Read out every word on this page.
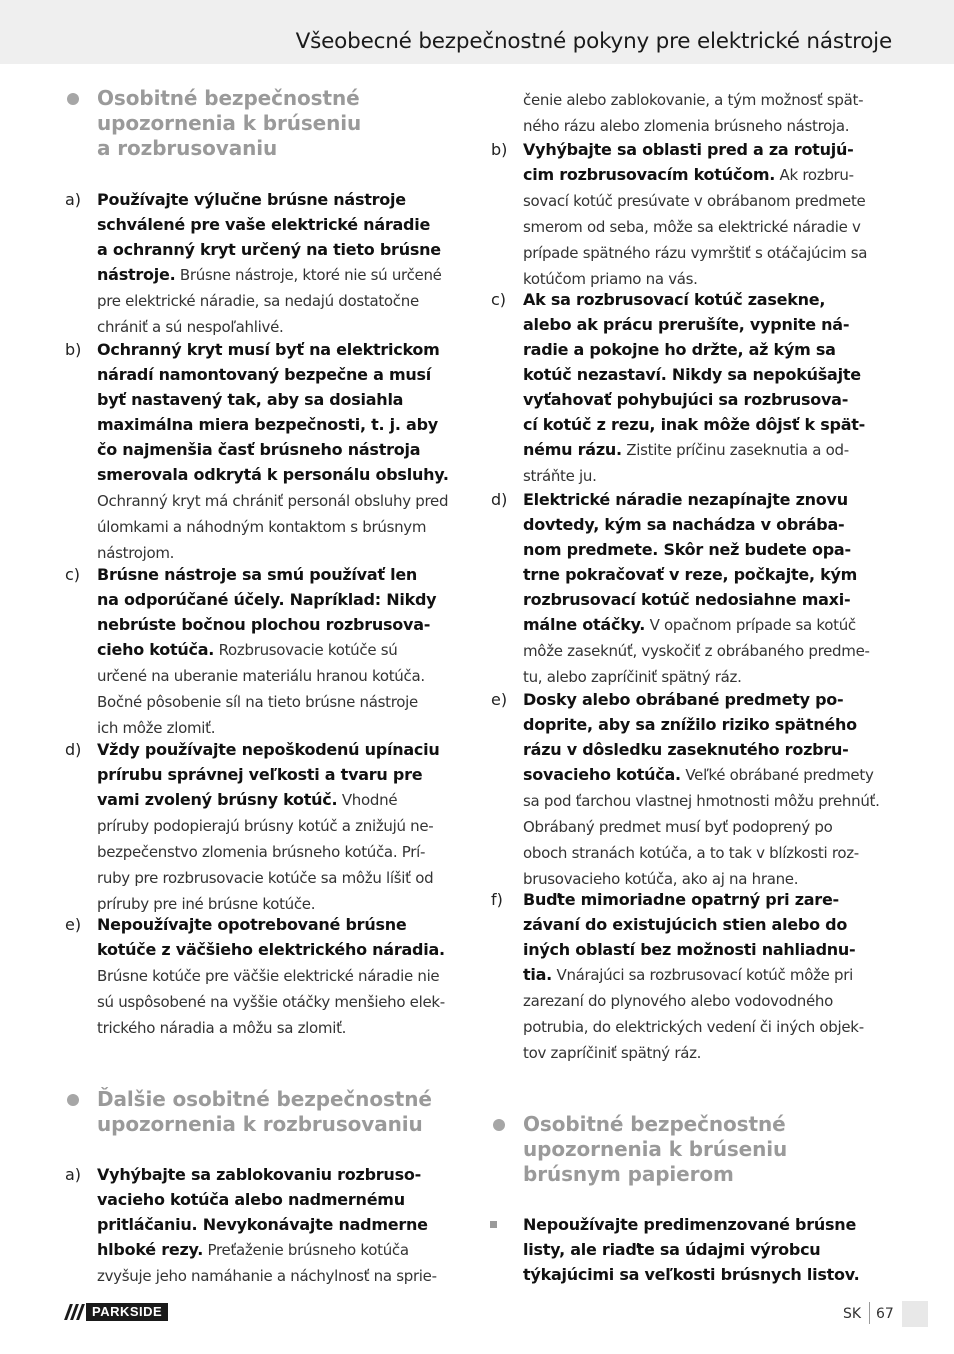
Všeobecné bezpečnostné pokyny pre elektrické nástroje
Osobitné bezpečnostné
upozornenia k brúseniu
a rozbrusovaniu
a) Používajte výlučne brúsne nástroje
schválené pre vaše elektrické náradie
a ochranný kryt určený na tieto brúsne
nástroje. Brúsne nástroje, ktoré nie sú určené
pre elektrické náradie, sa nedajú dostatočne
chrániť a sú nespoľahlivé.
b) Ochranný kryt musí byť na elektrickom
náradí namontovaný bezpečne a musí
byť nastavený tak, aby sa dosiahla
maximálna miera bezpečnosti, t. j. aby
čo najmenšia časť brúsneho nástroja
smerovala odkrytá k personálu obsluhy.
Ochranný kryt má chrániť personál obsluhy pred
úlomkami a náhodným kontaktom s brúsnym
nástrojom.
c) Brúsne nástroje sa smú používať len
na odporúčané účely. Napríklad: Nikdy
nebrúste bočnou plochou rozbrusova-
cieho kotúča. Rozbrusovacie kotúče sú
určené na uberanie materiálu hranou kotúča.
Bočné pôsobenie síl na tieto brúsne nástroje
ich môže zlomiť.
d) Vždy používajte nepoškodenú upínaciu
prírubu správnej veľkosti a tvaru pre
vami zvolený brúsny kotúč. Vhodné
príruby podopierajú brúsny kotúč a znižujú ne-
bezpečenstvo zlomenia brúsneho kotúča. Prí-
ruby pre rozbrusovacie kotúče sa môžu líšiť od
príruby pre iné brúsne kotúče.
e) Nepoužívajte opotrebované brúsne
kotúče z väčšieho elektrického náradia.
Brúsne kotúče pre väčšie elektrické náradie nie
sú uspôsobené na vyššie otáčky menšieho elek-
trického náradia a môžu sa zlomiť.
Ďalšie osobitné bezpečnostné
upozornenia k rozbrusovaniu
a) Vyhýbajte sa zablokovaniu rozbruso-
vacieho kotúča alebo nadmernému
pritláčaniu. Nevykonávajte nadmerne
hlboké rezy. Preťaženie brúsneho kotúča
zvyšuje jeho namáhanie a náchylnosť na sprie-
čenie alebo zablokovanie, a tým možnosť spät-
ného rázu alebo zlomenia brúsneho nástroja.
b) Vyhýbajte sa oblasti pred a za rotujú-
cim rozbrusovacím kotúčom. Ak rozbru-
sovací kotúč presúvate v obrábanom predmete
smerom od seba, môže sa elektrické náradie v
prípade spätného rázu vymrštiť s otáčajúcim sa
kotúčom priamo na vás.
c) Ak sa rozbrusovací kotúč zasekne,
alebo ak prácu prerušíte, vypnite ná-
radie a pokojne ho držte, až kým sa
kotúč nezastaví. Nikdy sa nepokúšajte
vyťahovať pohybujúci sa rozbrusova-
cí kotúč z rezu, inak môže dôjsť k spät-
nému rázu. Zistite príčinu zaseknutia a od-
stráňte ju.
d) Elektrické náradie nezapínajte znovu
dovtedy, kým sa nachádza v obrába-
nom predmete. Skôr než budete opa-
trne pokračovať v reze, počkajte, kým
rozbrusovací kotúč nedosiahne maxi-
málne otáčky. V opačnom prípade sa kotúč
môže zaseknúť, vyskočiť z obrábaného predme-
tu, alebo zapríčiniť spätný ráz.
e) Dosky alebo obrábané predmety po-
doprite, aby sa znížilo riziko spätného
rázu v dôsledku zaseknutého rozbru-
sovacieho kotúča. Veľké obrábané predmety
sa pod ťarchou vlastnej hmotnosti môžu prehnúť.
Obrábaný predmet musí byť podoprený po
oboch stranách kotúča, a to tak v blízkosti roz-
brusovacieho kotúča, ako aj na hrane.
f) Buďte mimoriadne opatrný pri zare-
závaní do existujúcich stien alebo do
iných oblastí bez možnosti nahliadnu-
tia. Vnárajúci sa rozbrusovací kotúč môže pri
zarezaní do plynového alebo vodovodného
potrubia, do elektrických vedení či iných objek-
tov zapríčiniť spätný ráz.
Osobitné bezpečnostné
upozornenia k brúseniu
brúsnym papierom
Nepoužívajte predimenzované brúsne
listy, ale riaďte sa údajmi výrobcu
týkajúcimi sa veľkosti brúsnych listov.
PARKSIDE	SK 67
